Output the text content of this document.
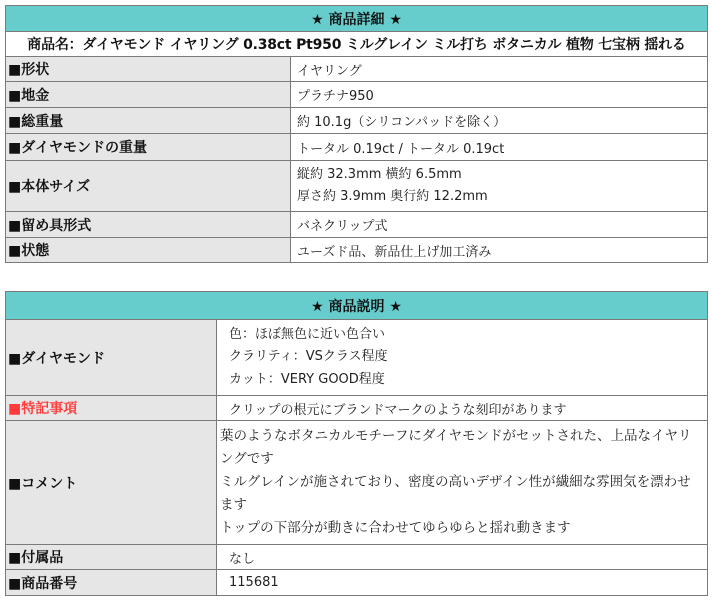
★ 商品詳細 ★	
商品名：ダイヤモンド イヤリング 0.38ct Pt950 ミルグレイン ミル打ち ボタニカル 植物 七宝柄 揺れる	
■形状	イヤリング
■地金	プラチナ950
■総重量	約 10.1g（シリコンパッドを除く）
■ダイヤモンドの重量	トータル 0.19ct / トータル 0.19ct
■本体サイズ	縦約 32.3mm 横約 6.5mm
厚さ約 3.9mm 奥行約 12.2mm

■留め具形式	バネクリップ式
■状態	ユーズド品、新品仕上げ加工済み
★ 商品説明 ★	
■ダイヤモンド	色：ほぼ無色に近い色合い
クラリティ：VSクラス程度
カット：VERY GOOD程度

■特記事項	クリップの根元にブランドマークのような刻印があります
■コメント	葉のようなボタニカルモチーフにダイヤモンドがセットされた、上品なイヤリングです
ミルグレインが施されており、密度の高いデザイン性が繊細な雰囲気を漂わせます
トップの下部分が動きに合わせてゆらゆらと揺れ動きます

■付属品	なし
■商品番号	115681
